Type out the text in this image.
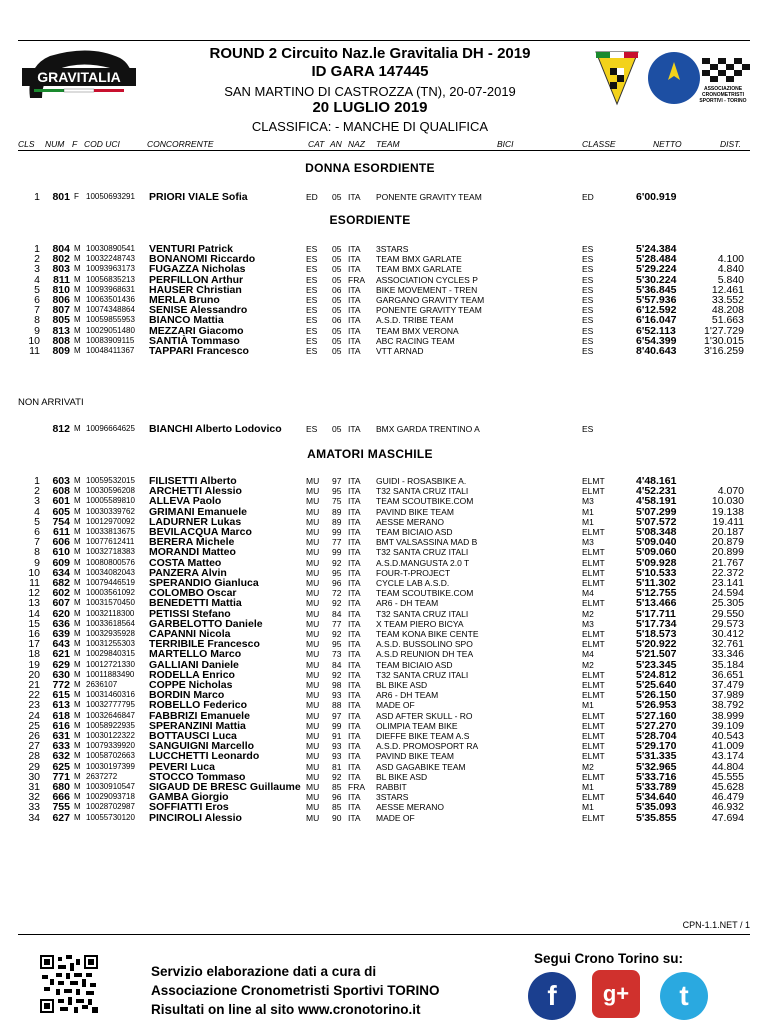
GRAVITALIA
ROUND 2 Circuito Naz.le Gravitalia DH - 2019
ID GARA 147445
SAN MARTINO DI CASTROZZA (TN), 20-07-2019
20 LUGLIO 2019
CLASSIFICA: - MANCHE DI QUALIFICA
ASSOCIAZIONE CRONOMETRISTI SPORTIVI - TORINO
CLS NUM F COD UCI	CONCORRENTE	CAT AN NAZ TEAM	BICI	CLASSE	NETTO	DIST.
DONNA ESORDIENTE
ESORDIENTE
NON ARRIVATI
AMATORI MASCHILE
CPN-1.1.NET / 1
Servizio elaborazione dati a cura di
Associazione Cronometristi Sportivi TORINO
Risultati on line al sito www.cronotorino.it
Segui Crono Torino su:
f	g+	t
1	801 F 10050693291 PRIORI VIALE Sofia	ED 05 ITA PONENTE GRAVITY TEAM	ED	6'00.919
1	804 M 10030890541 VENTURI Patrick	ES 05 ITA 3STARS	ES	5'24.384
2	802 M 10032248743 BONANOMI Riccardo	ES 05 ITA TEAM BMX GARLATE	ES	5'28.484	4.100
3	803 M 10093963173 FUGAZZA Nicholas	ES 05 ITA TEAM BMX GARLATE	ES	5'29.224	4.840
4	811 M 10056835213 PERFILLON Arthur	ES 05 FRA ASSOCIATION CYCLES P	ES	5'30.224	5.840
5	810 M 10093968631 HAUSER Christian	ES 06 ITA BIKE MOVEMENT - TREN	ES	5'36.845	12.461
6	806 M 10063501436 MERLA Bruno	ES 05 ITA GARGANO GRAVITY TEAM	ES	5'57.936	33.552
7	807 M 10074348864 SENISE Alessandro	ES 05 ITA PONENTE GRAVITY TEAM	ES	6'12.592	48.208
8	805 M 10059855953 BIANCO Mattia	ES 06 ITA A.S.D. TRIBE TEAM	ES	6'16.047	51.663
9	813 M 10029051480 MEZZARI Giacomo	ES 05 ITA TEAM BMX VERONA	ES	6'52.113	1'27.729
10	808 M 10083909115 SANTIÀ Tommaso	ES 05 ITA ABC RACING TEAM	ES	6'54.399	1'30.015
11	809 M 10048411367 TAPPARI Francesco	ES 05 ITA VTT ARNAD	ES	8'40.643	3'16.259
812 M 10096664625 BIANCHI Alberto Lodovico	ES 05 ITA BMX GARDA TRENTINO A	ES
1	603 M 10059532015 FILISETTI Alberto	MU 97 ITA GUIDI - ROSASBIKE A.	ELMT	4'48.161
2	608 M 10030596208 ARCHETTI Alessio	MU 95 ITA T32 SANTA CRUZ ITALI	ELMT	4'52.231	4.070
3	601 M 10005589810 ALLEVA Paolo	MU 75 ITA TEAM SCOUTBIKE.COM	M3	4'58.191	10.030
4	605 M 10030339762 GRIMANI Emanuele	MU 89 ITA PAVIND BIKE TEAM	M1	5'07.299	19.138
5	754 M 10012970092 LADURNER Lukas	MU 89 ITA AESSE MERANO	M1	5'07.572	19.411
6	611 M 10033813675 BEVILACQUA Marco	MU 99 ITA TEAM BICIAIO ASD	ELMT	5'08.348	20.187
7	606 M 10077612411 BERERA Michele	MU 77 ITA BMT VALSASSINA MAD B	M3	5'09.040	20.879
8	610 M 10032718383 MORANDI Matteo	MU 99 ITA T32 SANTA CRUZ ITALI	ELMT	5'09.060	20.899
9	609 M 10080800576 COSTA Matteo	MU 92 ITA A.S.D.MANGUSTA 2.0 T	ELMT	5'09.928	21.767
10	634 M 10034082043 PANZERA Alvin	MU 95 ITA FOUR-T-PROJECT	ELMT	5'10.533	22.372
11	682 M 10079446519 SPERANDIO Gianluca	MU 96 ITA CYCLE LAB A.S.D.	ELMT	5'11.302	23.141
12	602 M 10003561092 COLOMBO Oscar	MU 72 ITA TEAM SCOUTBIKE.COM	M4	5'12.755	24.594
13	607 M 10031570450 BENEDETTI Mattia	MU 92 ITA AR6 - DH TEAM	ELMT	5'13.466	25.305
14	620 M 10032118300 PETISSI Stefano	MU 84 ITA T32 SANTA CRUZ ITALI	M2	5'17.711	29.550
15	636 M 10033618564 GARBELOTTO Daniele	MU 77 ITA X TEAM PIERO BICYA	M3	5'17.734	29.573
16	639 M 10032935928 CAPANNI Nicola	MU 92 ITA TEAM KONA BIKE CENTE	ELMT	5'18.573	30.412
17	643 M 10031255303 TERRIBILE Francesco	MU 95 ITA A.S.D. BUSSOLINO SPO	ELMT	5'20.922	32.761
18	621 M 10029840315 MARTELLO Marco	MU 73 ITA A.S.D REUNION DH TEA	M4	5'21.507	33.346
19	629 M 10012721330 GALLIANI Daniele	MU 84 ITA TEAM BICIAIO ASD	M2	5'23.345	35.184
20	630 M 10011883490 RODELLA Enrico	MU 92 ITA T32 SANTA CRUZ ITALI	ELMT	5'24.812	36.651
21	772 M 2636107	COPPE Nicholas	MU 98 ITA BL BIKE ASD	ELMT	5'25.640	37.479
22	615 M 10031460316 BORDIN Marco	MU 93 ITA AR6 - DH TEAM	ELMT	5'26.150	37.989
23	613 M 10032777795 ROBELLO Federico	MU 88 ITA MADE OF	M1	5'26.953	38.792
24	618 M 10032646847 FABBRIZI Emanuele	MU 97 ITA ASD AFTER SKULL - RO	ELMT	5'27.160	38.999
25	616 M 10058922935 SPERANZINI Mattia	MU 99 ITA OLIMPIA TEAM BIKE	ELMT	5'27.270	39.109
26	631 M 10030122322 BOTTAUSCI Luca	MU 91 ITA DIEFFE BIKE TEAM A.S	ELMT	5'28.704	40.543
27	633 M 10079339920 SANGUIGNI Marcello	MU 93 ITA A.S.D. PROMOSPORT RA	ELMT	5'29.170	41.009
28	632 M 10058702663 LUCCHETTI Leonardo	MU 93 ITA PAVIND BIKE TEAM	ELMT	5'31.335	43.174
29	625 M 10030197399 PEVERI Luca	MU 81 ITA ASD GAGABIKE TEAM	M2	5'32.965	44.804
30	771 M 2637272	STOCCO Tommaso	MU 92 ITA BL BIKE ASD	ELMT	5'33.716	45.555
31	680 M 10030910547 SIGAUD DE BRESC Guillaume MU 85 FRA RABBIT	M1	5'33.789	45.628
32	666 M 10029093718 GAMBA Giorgio	MU 96 ITA 3STARS	ELMT	5'34.640	46.479
33	755 M 10028702987 SOFFIATTI Eros	MU 85 ITA AESSE MERANO	M1	5'35.093	46.932
34	627 M 10055730120 PINCIROLI Alessio	MU 90 ITA MADE OF	ELMT	5'35.855	47.694
